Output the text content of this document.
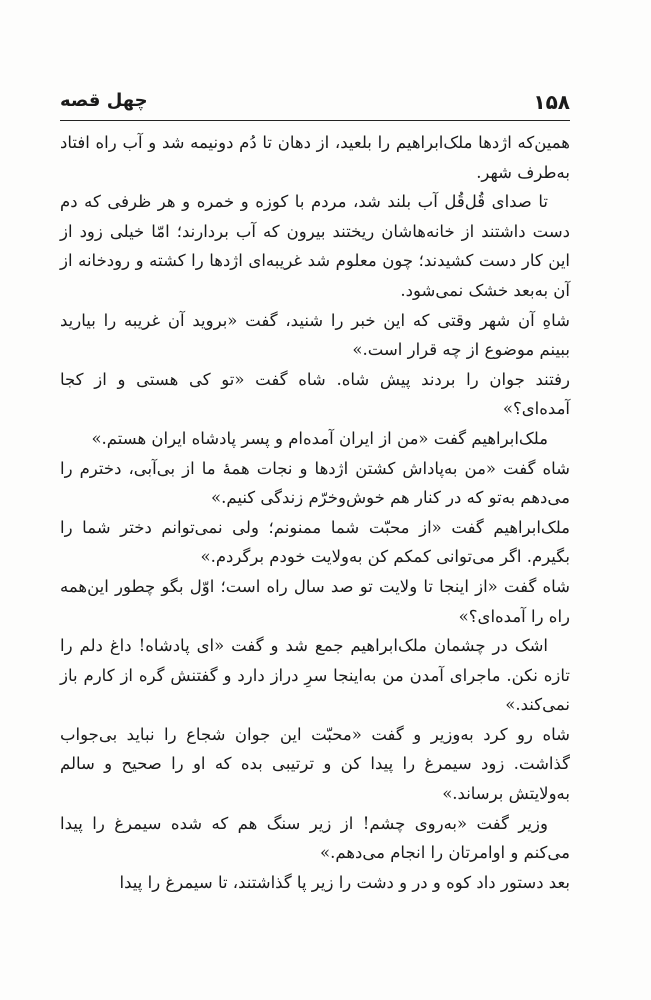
۱۵۸
چهل قصه

همین‌که اژدها ملک‌ابراهیم را بلعید، از دهان تا دُم دونیمه شد و آب راه افتاد به‌طرف شهر.

تا صدای قُل‌قُل آب بلند شد، مردم با کوزه و خمره و هر ظرفی که دم دست داشتند از خانه‌هاشان ریختند بیرون که آب بردارند؛ امّا خیلی زود از این کار دست کشیدند؛ چون معلوم شد غریبه‌ای اژدها را کشته و رودخانه از آن به‌بعد خشک نمی‌شود.

شاهِ آن شهر وقتی که این خبر را شنید، گفت «بروید آن غریبه را بیارید ببینم موضوع از چه قرار است.»

رفتند جوان را بردند پیش شاه. شاه گفت «تو کی هستی و از کجا آمده‌ای؟»

ملک‌ابراهیم گفت «من از ایران آمده‌ام و پسر پادشاه ایران هستم.»

شاه گفت «من به‌پاداش کشتن اژدها و نجات همهٔ ما از بی‌آبی، دخترم را می‌دهم به‌تو که در کنار هم خوش‌وخرّم زندگی کنیم.»

ملک‌ابراهیم گفت «از محبّت شما ممنونم؛ ولی نمی‌توانم دختر شما را بگیرم. اگر می‌توانی کمکم کن به‌ولایت خودم برگردم.»

شاه گفت «از اینجا تا ولایت تو صد سال راه است؛ اوّل بگو چطور این‌همه راه را آمده‌ای؟»

اشک در چشمان ملک‌ابراهیم جمع شد و گفت «ای پادشاه! داغ دلم را تازه نکن. ماجرای آمدن من به‌اینجا سرِ دراز دارد و گفتنش گره از کارم باز نمی‌کند.»

شاه رو کرد به‌وزیر و گفت «محبّت این جوان شجاع را نباید بی‌جواب گذاشت. زود سیمرغ را پیدا کن و ترتیبی بده که او را صحیح و سالم به‌ولایتش برساند.»

وزیر گفت «به‌روی چشم! از زیر سنگ هم که شده سیمرغ را پیدا می‌کنم و اوامرتان را انجام می‌دهم.»

بعد دستور داد کوه و در و دشت را زیر پا گذاشتند، تا سیمرغ را پیدا
